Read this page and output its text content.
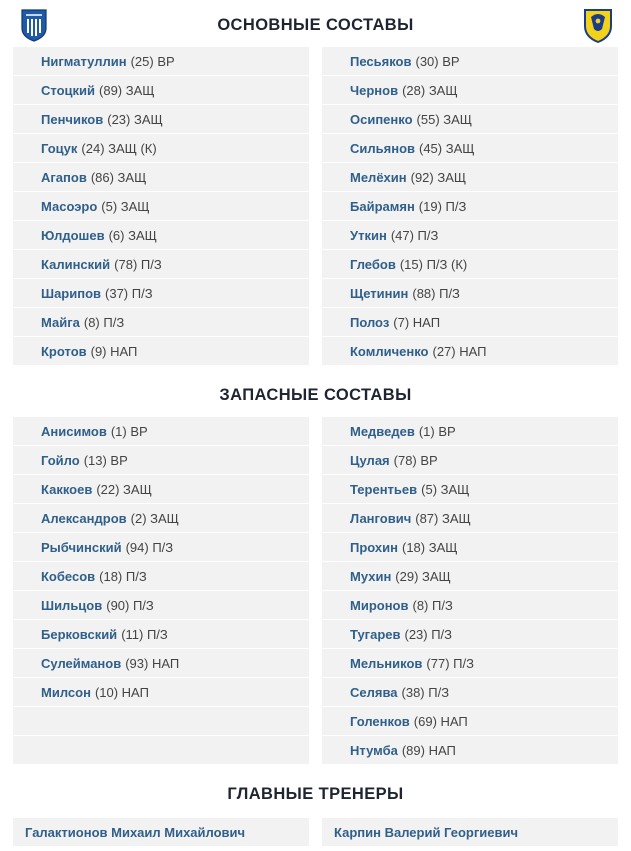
ОСНОВНЫЕ СОСТАВЫ
ЗАПАСНЫЕ СОСТАВЫ
ГЛАВНЫЕ ТРЕНЕРЫ
Нигматуллин (25) ВР
Стоцкий (89) ЗАЩ
Пенчиков (23) ЗАЩ
Гоцук (24) ЗАЩ (К)
Агапов (86) ЗАЩ
Масоэро (5) ЗАЩ
Юлдошев (6) ЗАЩ
Калинский (78) П/З
Шарипов (37) П/З
Майга (8) П/З
Кротов (9) НАП
Песьяков (30) ВР
Чернов (28) ЗАЩ
Осипенко (55) ЗАЩ
Сильянов (45) ЗАЩ
Мелёхин (92) ЗАЩ
Байрамян (19) П/З
Уткин (47) П/З
Глебов (15) П/З (К)
Щетинин (88) П/З
Полоз (7) НАП
Комличенко (27) НАП
Анисимов (1) ВР
Гойло (13) ВР
Каккоев (22) ЗАЩ
Александров (2) ЗАЩ
Рыбчинский (94) П/З
Кобесов (18) П/З
Шильцов (90) П/З
Берковский (11) П/З
Сулейманов (93) НАП
Милсон (10) НАП
Медведев (1) ВР
Цулая (78) ВР
Терентьев (5) ЗАЩ
Лангович (87) ЗАЩ
Прохин (18) ЗАЩ
Мухин (29) ЗАЩ
Миронов (8) П/З
Тугарев (23) П/З
Мельников (77) П/З
Селява (38) П/З
Голенков (69) НАП
Нтумба (89) НАП
Галактионов Михаил Михайлович	Карпин Валерий Георгиевич
